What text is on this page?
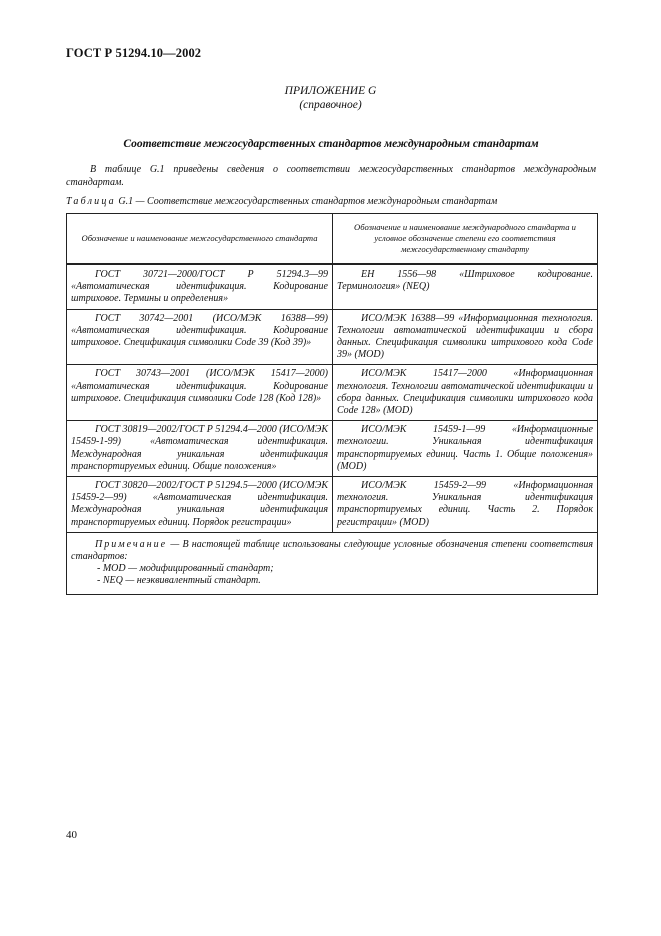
ГОСТ Р 51294.10—2002
ПРИЛОЖЕНИЕ G
(справочное)
Соответствие межгосударственных стандартов международным стандартам
В таблице G.1 приведены сведения о соответствии межгосударственных стандартов международным стандартам.
Таблица G.1 — Соответствие межгосударственных стандартов международным стандартам
Обозначение и наименование межгосударственного стандарта	Обозначение и наименование международного стандарта и условное обозначение степени его соответствия межгосударственному стандарту
ГОСТ 30721—2000/ГОСТ Р 51294.3—99 «Автоматическая идентификация. Кодирование штриховое. Термины и определения»	ЕН 1556—98 «Штриховое кодирование. Терминология» (NEQ)
ГОСТ 30742—2001 (ИСО/МЭК 16388—99) «Автоматическая идентификация. Кодирование штриховое. Спецификация символики Code 39 (Код 39)»	ИСО/МЭК 16388—99 «Информационная технология. Технологии автоматической идентификации и сбора данных. Спецификация символики штрихового кода Code 39» (MOD)
ГОСТ 30743—2001 (ИСО/МЭК 15417—2000) «Автоматическая идентификация. Кодирование штриховое. Спецификация символики Code 128 (Код 128)»	ИСО/МЭК 15417—2000 «Информационная технология. Технологии автоматической идентификации и сбора данных. Спецификация символики штрихового кода Code 128» (MOD)
ГОСТ 30819—2002/ГОСТ Р 51294.4—2000 (ИСО/МЭК 15459-1-99) «Автоматическая идентификация. Международная уникальная идентификация транспортируемых единиц. Общие положения»	ИСО/МЭК 15459-1—99 «Информационные технологии. Уникальная идентификация транспортируемых единиц. Часть 1. Общие положения» (MOD)
ГОСТ 30820—2002/ГОСТ Р 51294.5—2000 (ИСО/МЭК 15459-2—99) «Автоматическая идентификация. Международная уникальная идентификация транспортируемых единиц. Порядок регистрации»	ИСО/МЭК 15459-2—99 «Информационная технология. Уникальная идентификация транспортируемых единиц. Часть 2. Порядок регистрации» (MOD)

Примечание — В настоящей таблице использованы следующие условные обозначения степени соответствия стандартов:
- MOD — модифицированный стандарт;
- NEQ — неэквивалентный стандарт.	
40
